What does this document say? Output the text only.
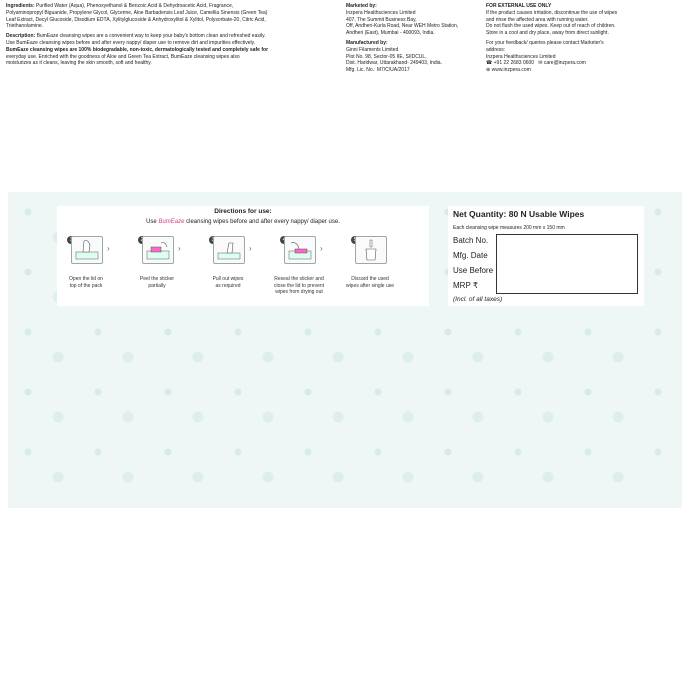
Directions for use:
Use BumEaze cleansing wipes before and after every nappy/ diaper use.
Open the lid on
top of the pack
›
Peel the sticker
partially
›
Pull out wipes
as required
›
Reseal the sticker and
close the lid to prevent
wipes from drying out
›
Discard the used
wipes after single use
Net Quantity: 80 N Usable Wipes
Each cleansing wipe measures 200 mm x 150 mm
Batch No.
Mfg. Date
Use Before
MRP ₹
(Incl. of all taxes)
Ingredients: Purified Water (Aqua), Phenoxyethanol & Benzoic Acid & Dehydroacetic Acid, Fragrance,
Polyaminopropyl Biguanide, Propylene Glycol, Glycerine, Aloe Barbadensis Leaf Juice, Camellia Sinensis (Green Tea)
Leaf Extract, Decyl Glucoside, Disodium EDTA, Xylitylglucoside & Anhydroxylitol & Xylitol, Polysorbate-20, Citric Acid,
Triethanolamine.
Description: BumEaze cleansing wipes are a convenient way to keep your baby's bottom clean and refreshed easily.
Use BumEaze cleansing wipes before and after every nappy/ diaper use to remove dirt and impurities effectively.
BumEaze cleansing wipes are 100% biodegradable, non-toxic, dermatologically tested and completely safe for
everyday use. Enriched with the goodness of Aloe and Green Tea Extract, BumEaze cleansing wipes also
moisturizes as it cleans, leaving the skin smooth, soft and healthy.
Marketed by:
Inzpera Healthsciences Limited
407, The Summit Business Bay,
Off, Andheri-Kurla Road, Near WEH Metro Station,
Andheri (East), Mumbai - 400093, India.
Manufactured by:
Ginni Filaments Limited
Plot No. 98, Sector-05 IIE, SIIDCUL,
Dist. Haridwar, Uttarakhand- 249403, India.
Mfg. Lic. No.: M7/C/UA/2017
FOR EXTERNAL USE ONLY
If the product causes irritation, discontinue the use of wipes
and rinse the affected area with running water.
Do not flush the used wipes. Keep out of reach of children.
Store in a cool and dry place, away from direct sunlight.
For your feedback/ queries please contact Marketer's
address:
Inzpera Healthsciences Limited
☎ +91 22 2683 0600 ✉ care@inzpera.com
⊕ www.inzpera.com
